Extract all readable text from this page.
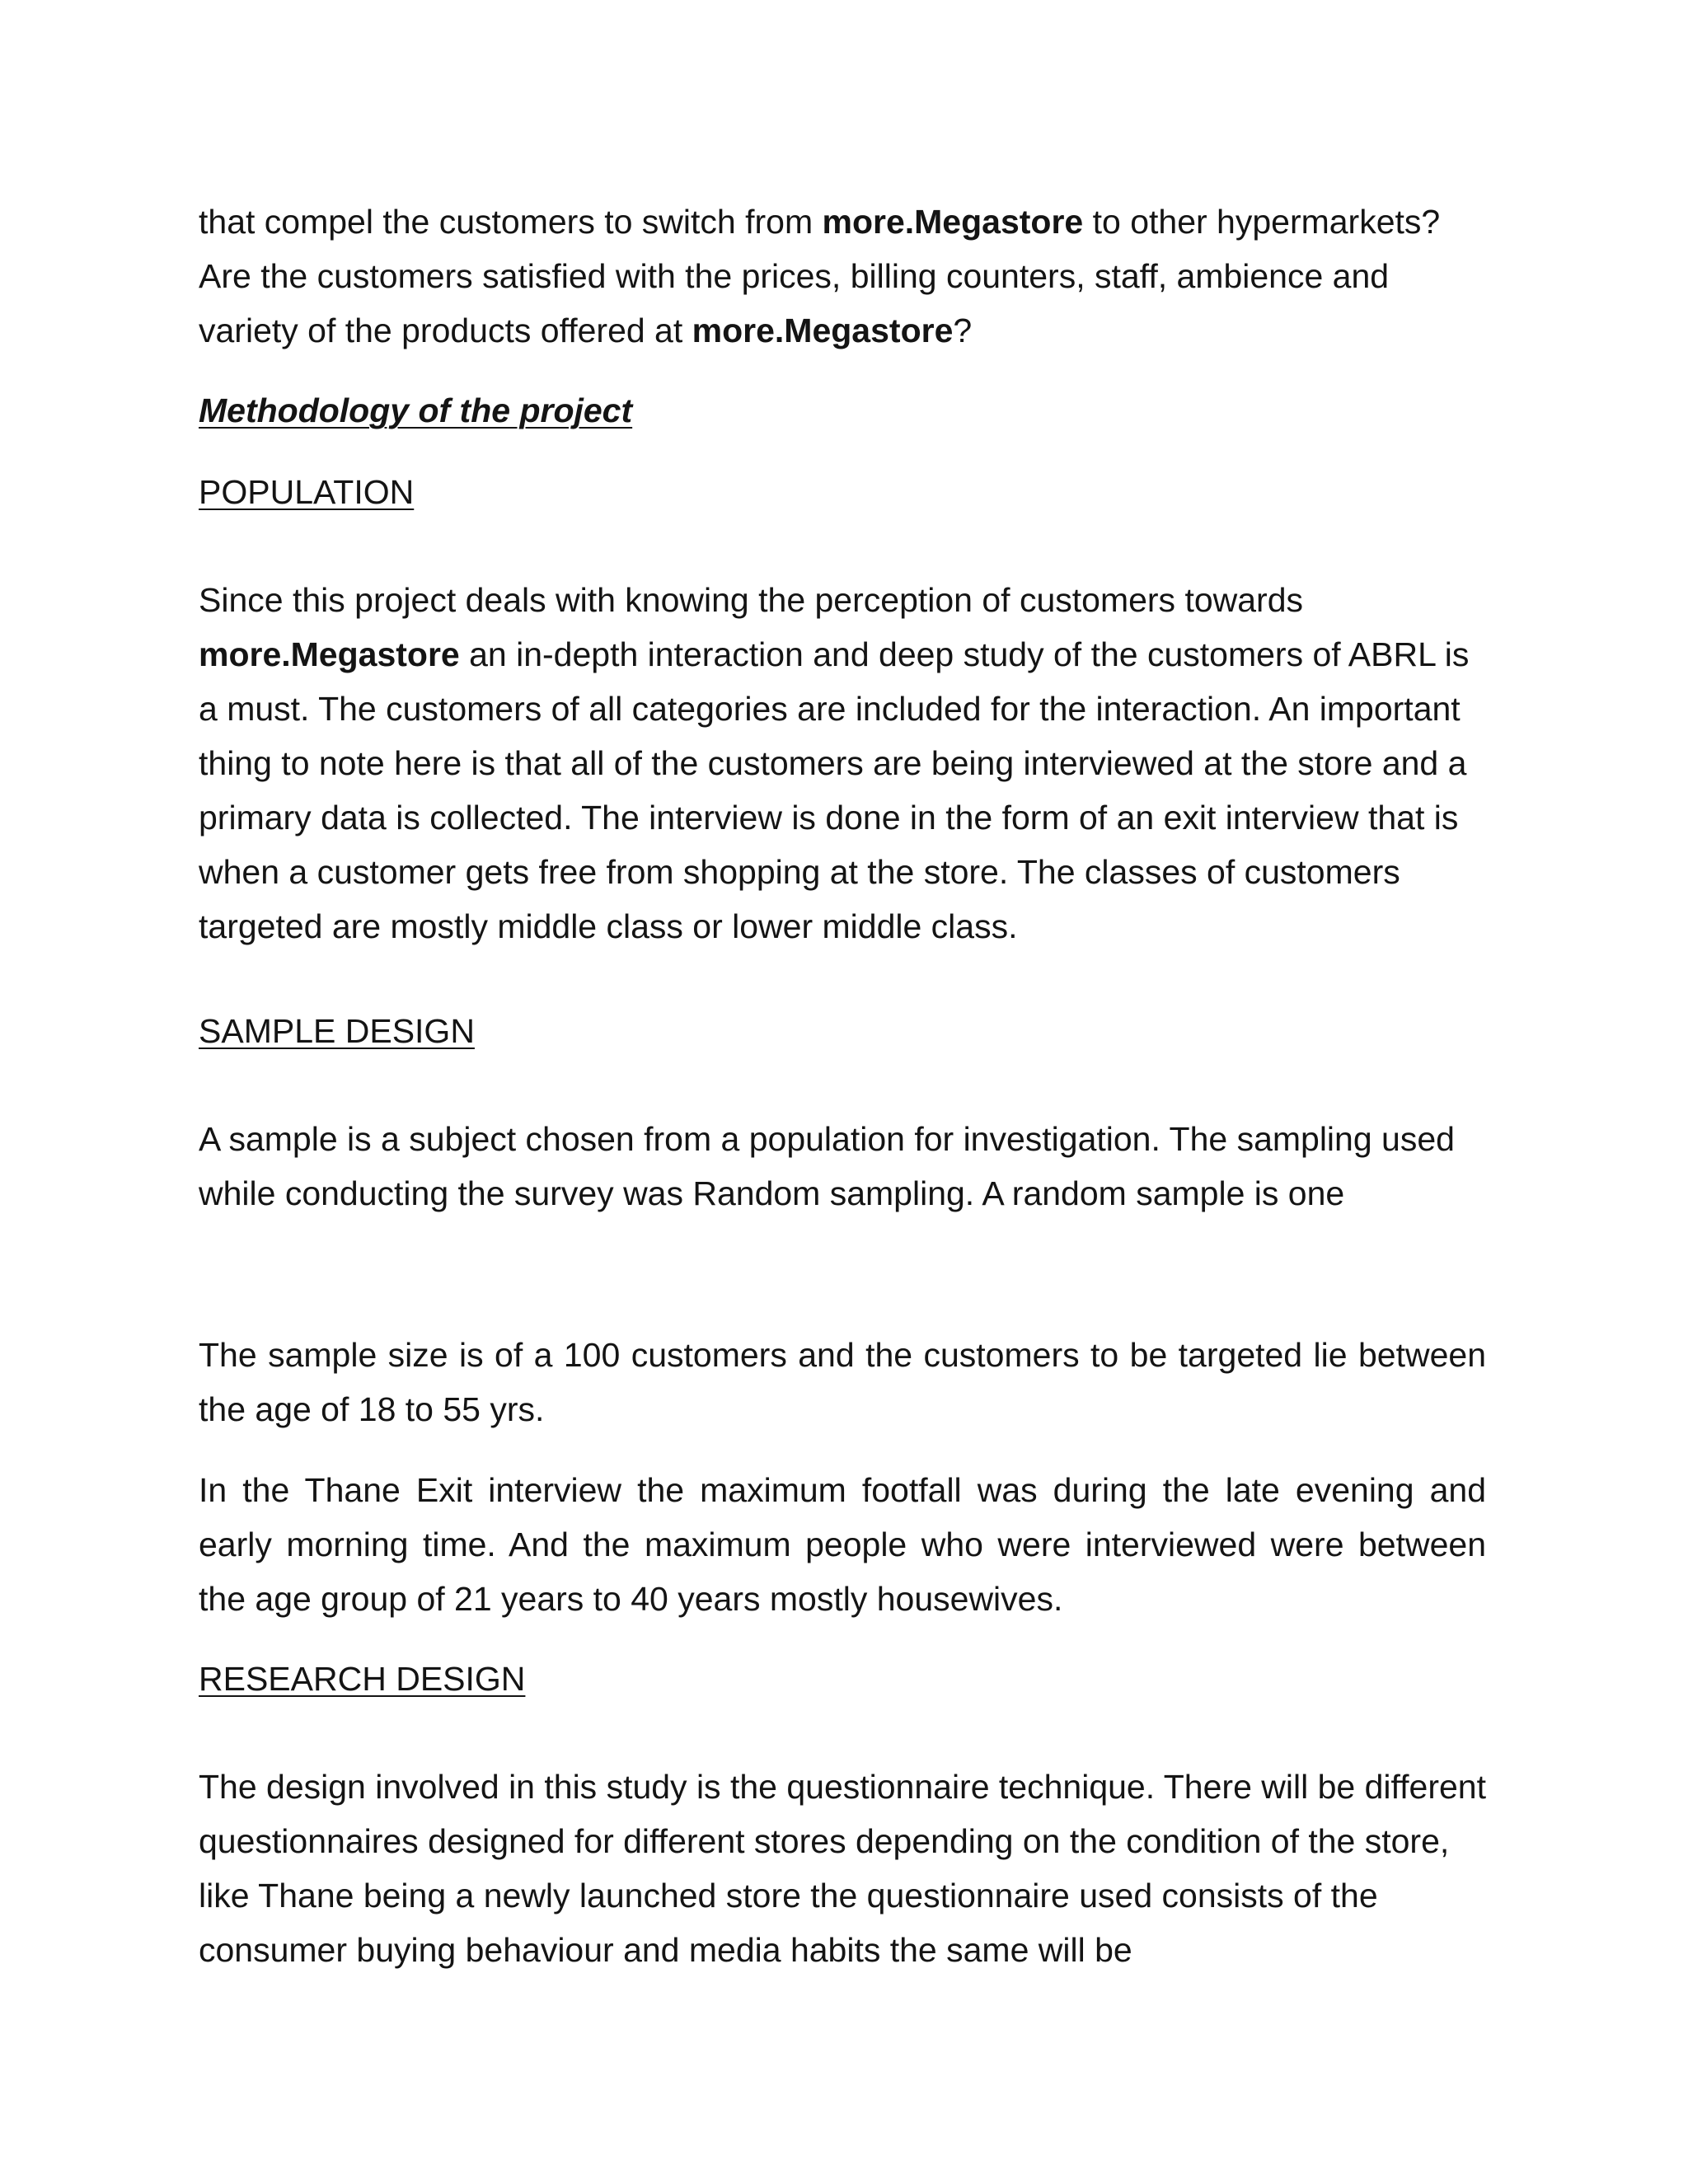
that compel the customers to switch from more.Megastore to other hypermarkets? Are the customers satisfied with the prices, billing counters, staff, ambience and variety of the products offered at more.Megastore?

Methodology of the project

POPULATION

Since this project deals with knowing the perception of customers towards more.Megastore an in-depth interaction and deep study of the customers of ABRL is a must. The customers of all categories are included for the interaction. An important thing to note here is that all of the customers are being interviewed at the store and a primary data is collected. The interview is done in the form of an exit interview that is when a customer gets free from shopping at the store. The classes of customers targeted are mostly middle class or lower middle class.

SAMPLE DESIGN

A sample is a subject chosen from a population for investigation. The sampling used while conducting the survey was Random sampling. A random sample is one

The sample size is of a 100 customers and the customers to be targeted lie between the age of 18 to 55 yrs.

In the Thane Exit interview the maximum footfall was during the late evening and early morning time. And the maximum people who were interviewed were between the age group of 21 years to 40 years mostly housewives.

RESEARCH DESIGN

The design involved in this study is the questionnaire technique. There will be different questionnaires designed for different stores depending on the condition of the store, like Thane being a newly launched store the questionnaire used consists of the consumer buying behaviour and media habits the same will be
